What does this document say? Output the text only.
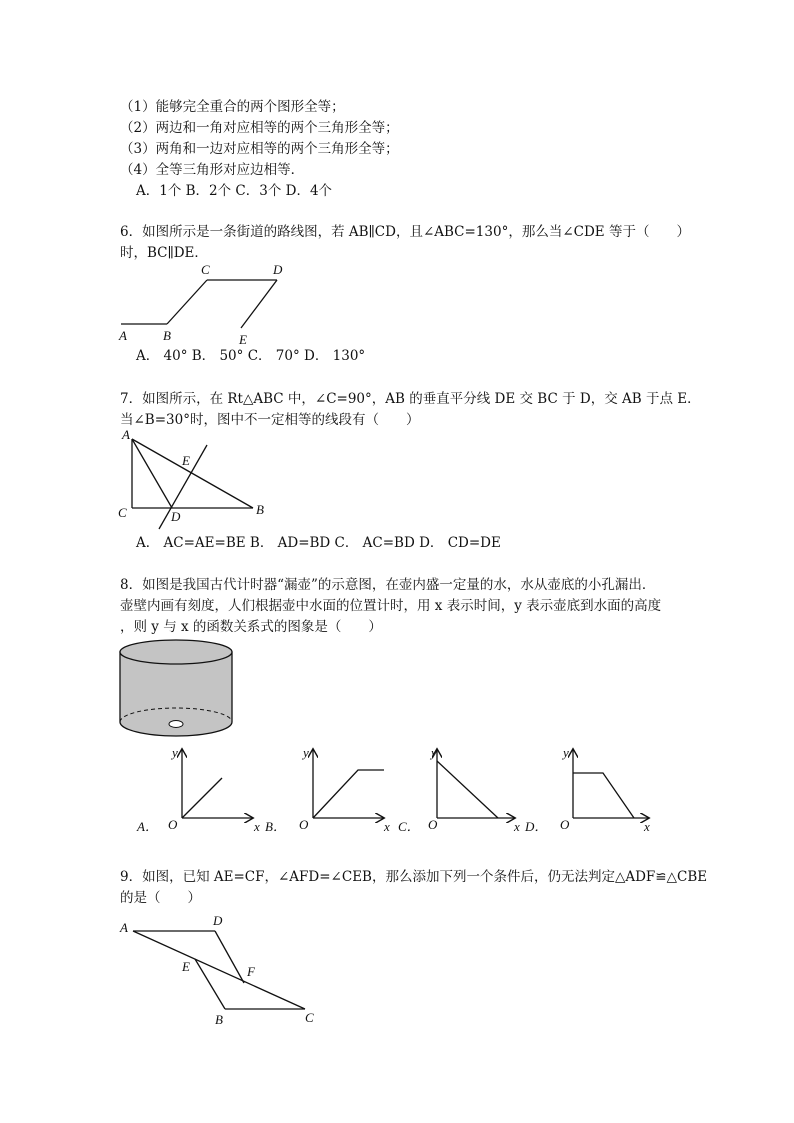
（1）能够完全重合的两个图形全等；
（2）两边和一角对应相等的两个三角形全等；
（3）两角和一边对应相等的两个三角形全等；
（4）全等三角形对应边相等．
A．1个 B．2个 C．3个 D．4个
6．如图所示是一条街道的路线图，若 AB∥CD，且∠ABC=130°，那么当∠CDE 等于（　　）
时，BC∥DE．
A	B
C	D
E
A． 40° B． 50° C． 70° D． 130°
7．如图所示，在 Rt△ABC 中，∠C=90°，AB 的垂直平分线 DE 交 BC 于 D，交 AB 于点 E．
当∠B=30°时，图中不一定相等的线段有（　　）
A
B
C	D
E
A． AC=AE=BE B． AD=BD C． AC=BD D． CD=DE
8．如图是我国古代计时器“漏壶”的示意图，在壶内盛一定量的水，水从壶底的小孔漏出．
壶壁内画有刻度，人们根据壶中水面的位置计时，用 x 表示时间，y 表示壶底到水面的高度
，则 y 与 x 的函数关系式的图象是（　　）
A．
y
O	x B．
y
O	x C．
y
O	x D．
y
O	x
9．如图，已知 AE=CF，∠AFD=∠CEB，那么添加下列一个条件后，仍无法判定△ADF≌△CBE
的是（　　）
A	D
E	F
B	C
